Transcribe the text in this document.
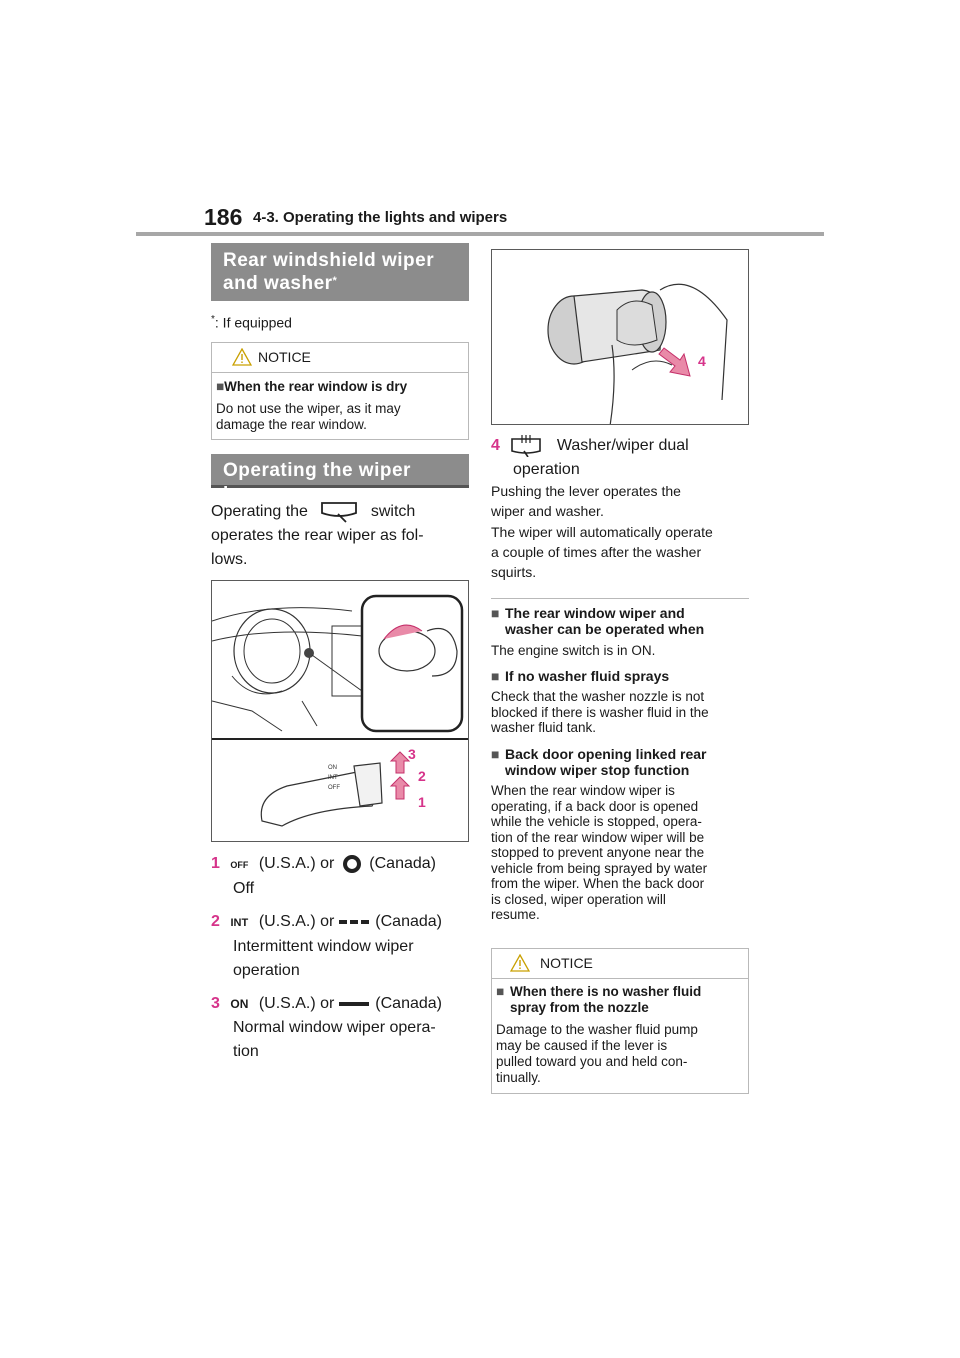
186 4-3. Operating the lights and wipers
Rear windshield wiper
and washer*
*: If equipped
NOTICE
■When the rear window is dry
Do not use the wiper, as it may
damage the rear window.
Operating the wiper lever
Operating the	switch
operates the rear wiper as fol-
lows.
OFF
INT
ON
1
2
3
1 OFF (U.S.A.) or (Canada)
Off
2 INT (U.S.A.) or	(Canada)
Intermittent window wiper
operation
3 ON (U.S.A.) or	(Canada)
Normal window wiper opera-
tion
4
4	Washer/wiper dual
operation
Pushing the lever operates the
wiper and washer.
The wiper will automatically operate
a couple of times after the washer
squirts.
■ The rear window wiper and
washer can be operated when
The engine switch is in ON.
■ If no washer fluid sprays
Check that the washer nozzle is not
blocked if there is washer fluid in the
washer fluid tank.
■ Back door opening linked rear
window wiper stop function
When the rear window wiper is
operating, if a back door is opened
while the vehicle is stopped, opera-
tion of the rear window wiper will be
stopped to prevent anyone near the
vehicle from being sprayed by water
from the wiper. When the back door
is closed, wiper operation will
resume.
NOTICE
■ When there is no washer fluid
spray from the nozzle
Damage to the washer fluid pump
may be caused if the lever is
pulled toward you and held con-
tinually.
